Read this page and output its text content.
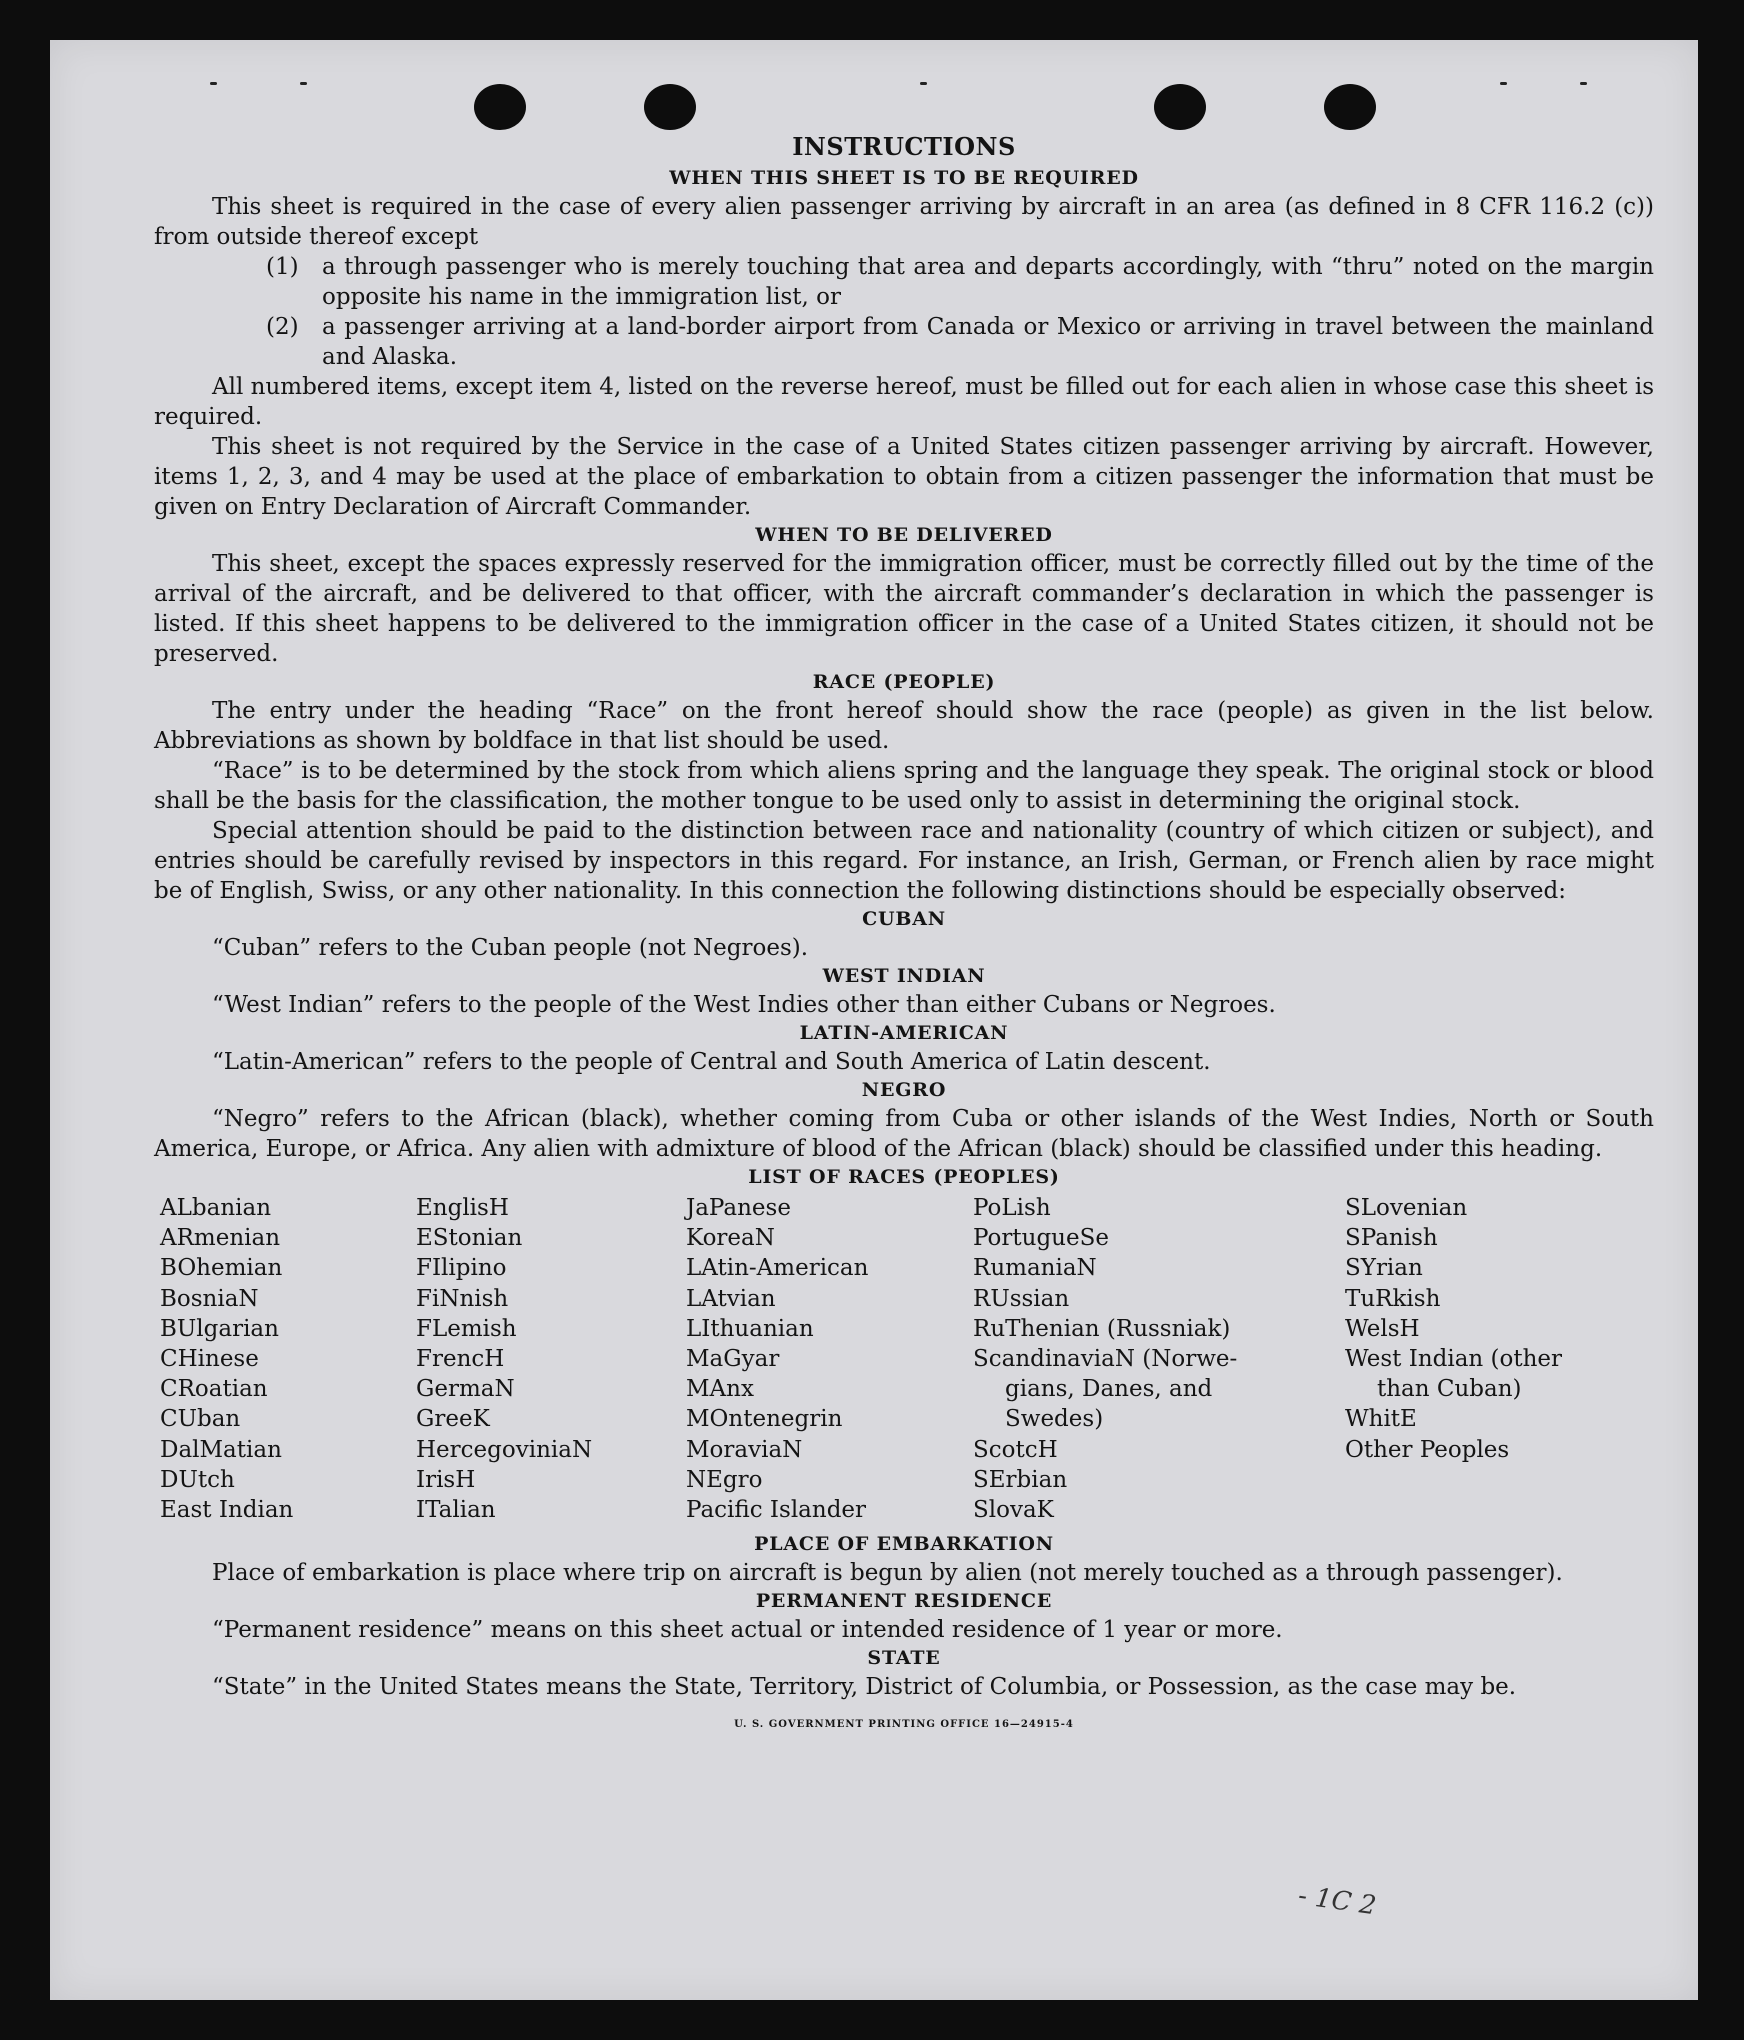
INSTRUCTIONS
WHEN THIS SHEET IS TO BE REQUIRED

This sheet is required in the case of every alien passenger arriving by aircraft in an area (as defined in 8 CFR 116.2 (c)) from outside thereof except

(1)	a through passenger who is merely touching that area and departs accordingly, with “thru” noted on the margin opposite his name in the immigration list, or
(2)	a passenger arriving at a land-border airport from Canada or Mexico or arriving in travel between the mainland and Alaska.

All numbered items, except item 4, listed on the reverse hereof, must be filled out for each alien in whose case this sheet is required.

This sheet is not required by the Service in the case of a United States citizen passenger arriving by aircraft. However, items 1, 2, 3, and 4 may be used at the place of embarkation to obtain from a citizen passenger the information that must be given on Entry Declaration of Aircraft Commander.

WHEN TO BE DELIVERED

This sheet, except the spaces expressly reserved for the immigration officer, must be correctly filled out by the time of the arrival of the aircraft, and be delivered to that officer, with the aircraft commander’s declaration in which the passenger is listed. If this sheet happens to be delivered to the immigration officer in the case of a United States citizen, it should not be preserved.

RACE (PEOPLE)

The entry under the heading “Race” on the front hereof should show the race (people) as given in the list below. Abbreviations as shown by boldface in that list should be used.

“Race” is to be determined by the stock from which aliens spring and the language they speak. The original stock or blood shall be the basis for the classification, the mother tongue to be used only to assist in determining the original stock.

Special attention should be paid to the distinction between race and nationality (country of which citizen or subject), and entries should be carefully revised by inspectors in this regard. For instance, an Irish, German, or French alien by race might be of English, Swiss, or any other nationality. In this connection the following distinctions should be especially observed:

CUBAN

“Cuban” refers to the Cuban people (not Negroes).

WEST INDIAN

“West Indian” refers to the people of the West Indies other than either Cubans or Negroes.

LATIN-AMERICAN

“Latin-American” refers to the people of Central and South America of Latin descent.

NEGRO

“Negro” refers to the African (black), whether coming from Cuba or other islands of the West Indies, North or South America, Europe, or Africa. Any alien with admixture of blood of the African (black) should be classified under this heading.

LIST OF RACES (PEOPLES)
ALbanian
ARmenian
BOhemian
BosniaN
BUlgarian
CHinese
CRoatian
CUban
DalMatian
DUtch
East Indian
EnglisH
EStonian
FIlipino
FiNnish
FLemish
FrencH
GermaN
GreeK
HercegoviniaN
IrisH
ITalian
JaPanese
KoreaN
LAtin-American
LAtvian
LIthuanian
MaGyar
MAnx
MOntenegrin
MoraviaN
NEgro
Pacific Islander
PoLish
PortugueSe
RumaniaN
RUssian
RuThenian (Russniak)
ScandinaviaN (Norwe-
gians, Danes, and
Swedes)
ScotcH
SErbian
SlovaK
SLovenian
SPanish
SYrian
TuRkish
WelsH
West Indian (other
than Cuban)
WhitE
Other Peoples
PLACE OF EMBARKATION

Place of embarkation is place where trip on aircraft is begun by alien (not merely touched as a through passenger).

PERMANENT RESIDENCE

“Permanent residence” means on this sheet actual or intended residence of 1 year or more.

STATE

“State” in the United States means the State, Territory, District of Columbia, or Possession, as the case may be.

U. S. GOVERNMENT PRINTING OFFICE 16—24915-4
- 1C 2
